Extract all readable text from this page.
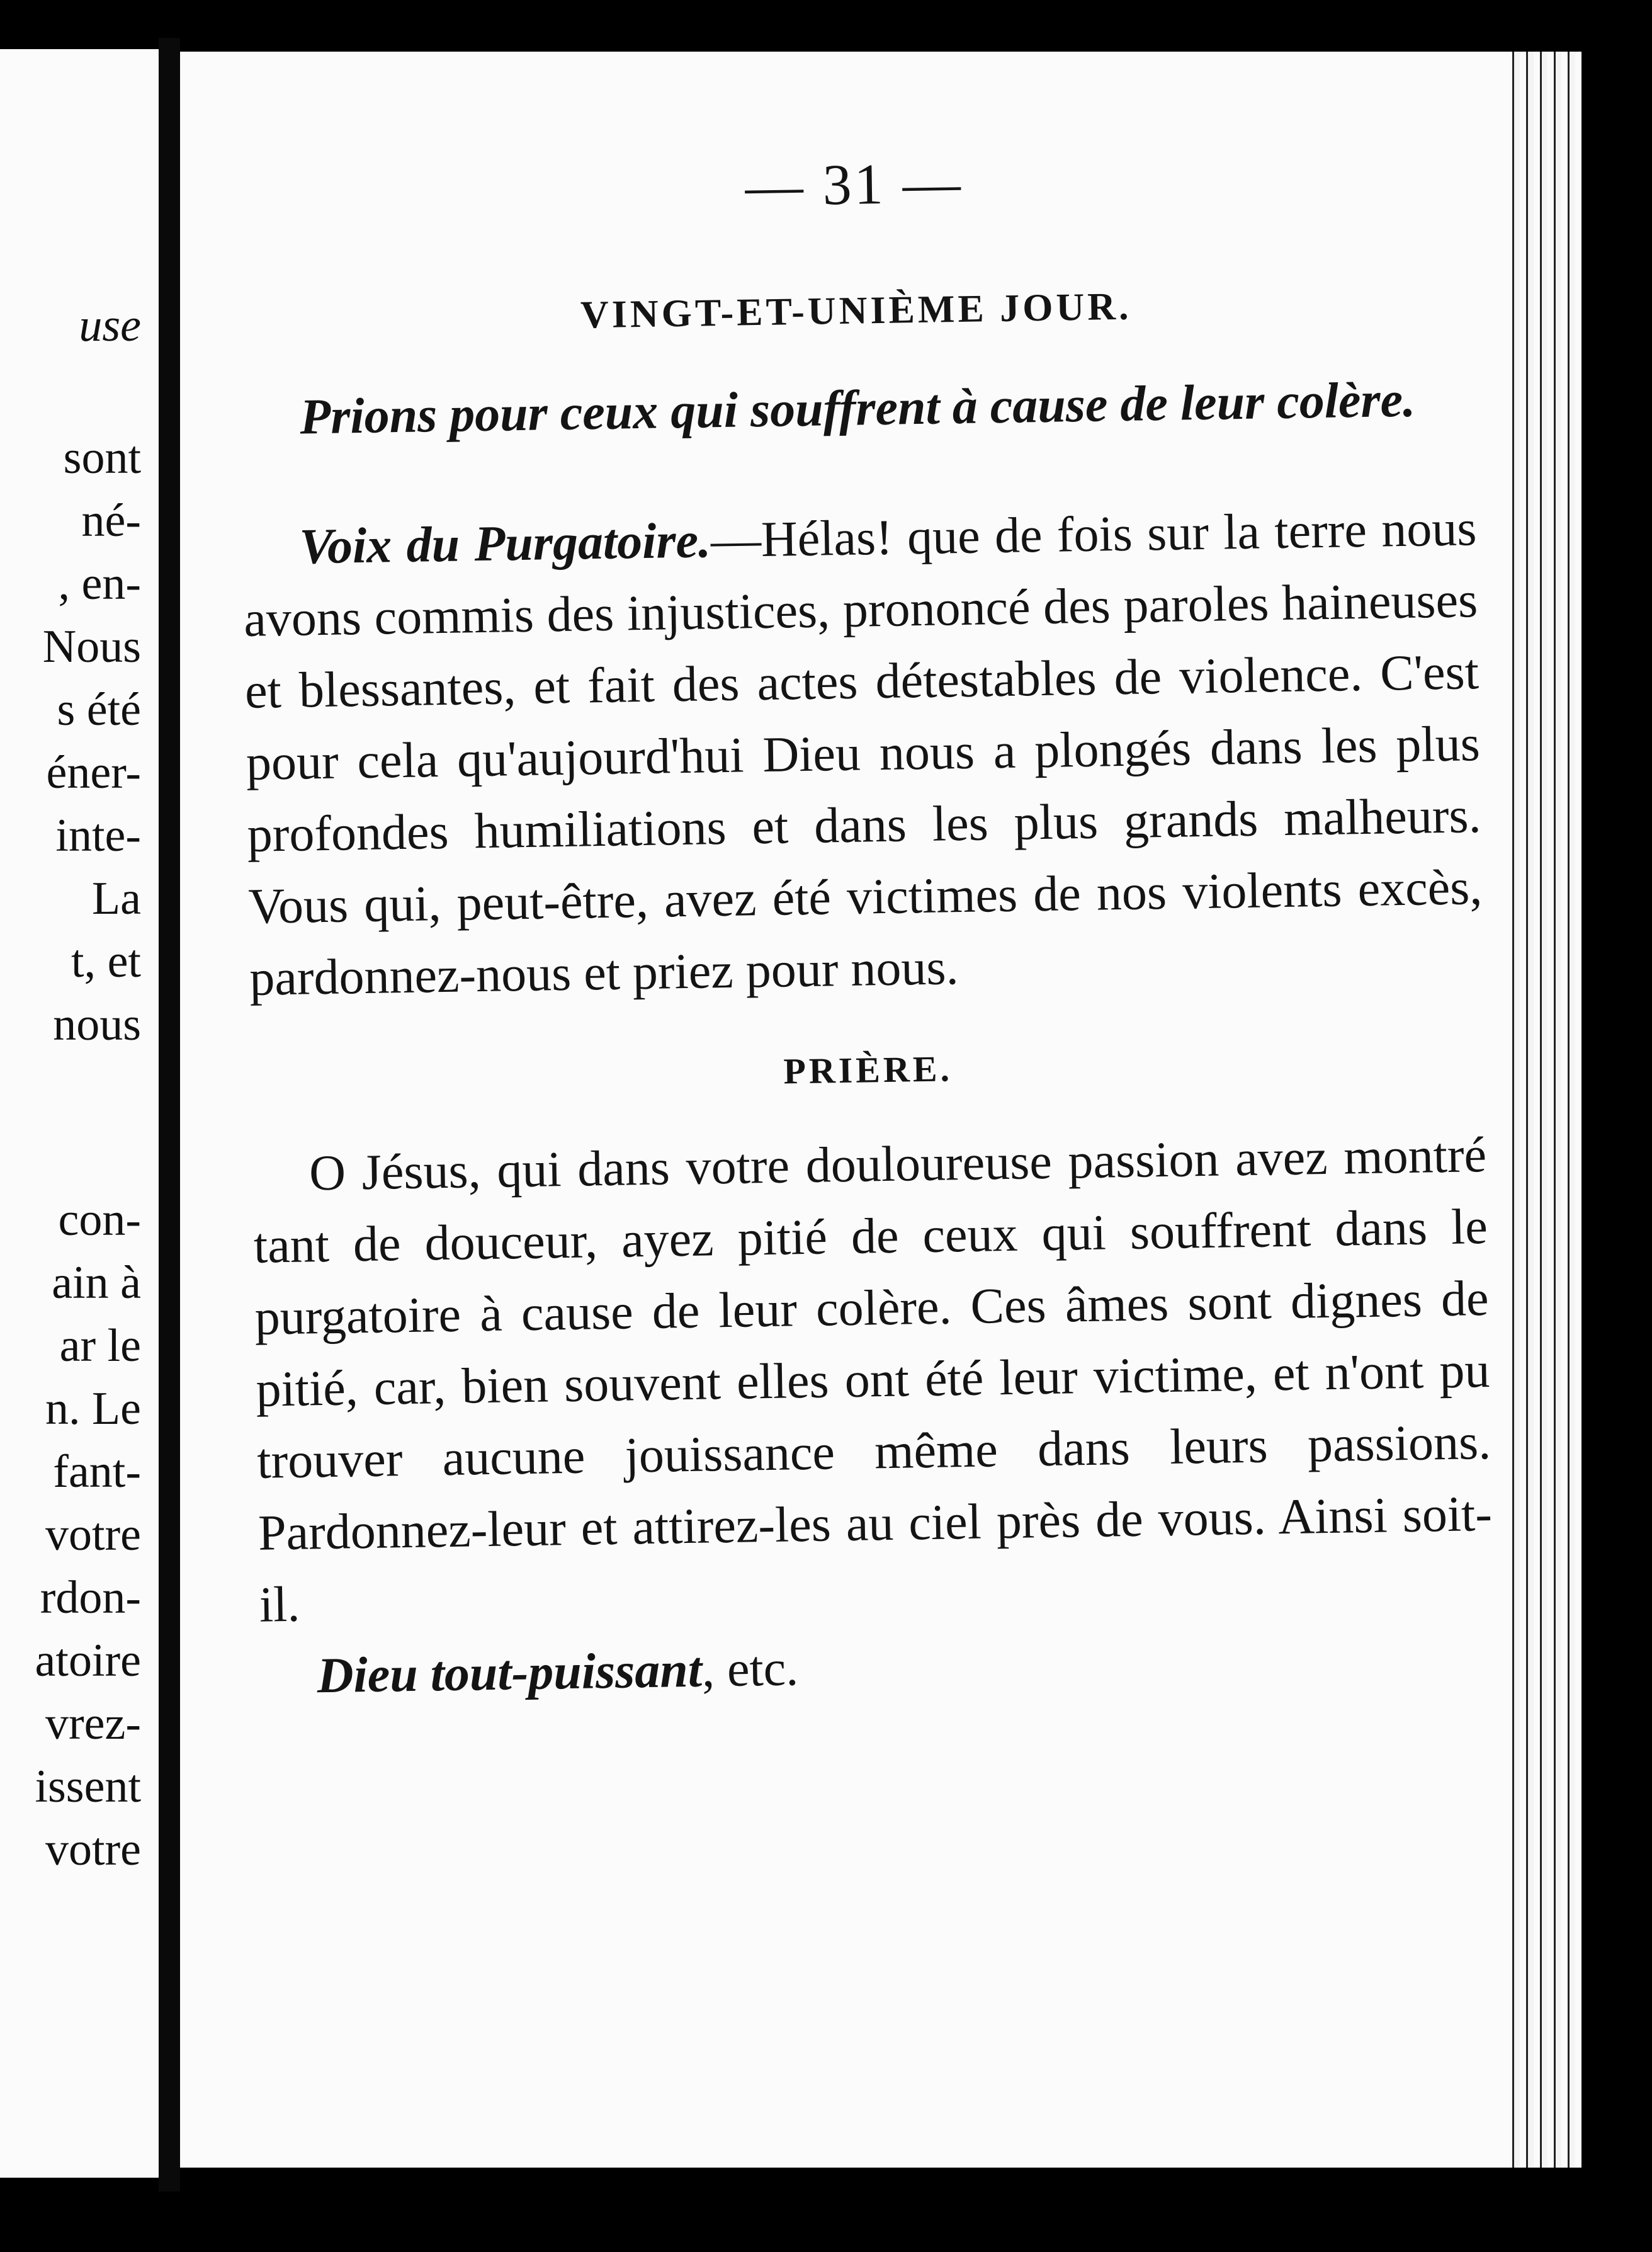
use
sont
né-
, en-
Nous
s été
éner-
inte-
La
t, et
nous
con-
ain à
ar le
n. Le
fant-
votre
rdon-
atoire
vrez-
issent
votre
— 31 —
VINGT-ET-UNIÈME JOUR.
Prions pour ceux qui souffrent à cause de leur colère.

Voix du Purgatoire.—Hélas! que de fois sur la terre nous avons commis des injustices, prononcé des paroles haineuses et blessantes, et fait des actes détestables de violence. C'est pour cela qu'aujourd'hui Dieu nous a plongés dans les plus profondes humiliations et dans les plus grands malheurs. Vous qui, peut-être, avez été victimes de nos violents excès, pardonnez-nous et priez pour nous.

PRIÈRE.

O Jésus, qui dans votre douloureuse passion avez montré tant de douceur, ayez pitié de ceux qui souffrent dans le purgatoire à cause de leur colère. Ces âmes sont dignes de pitié, car, bien souvent elles ont été leur victime, et n'ont pu trouver aucune jouissance même dans leurs passions. Pardonnez-leur et attirez-les au ciel près de vous. Ainsi soit-il.

Dieu tout-puissant, etc.
